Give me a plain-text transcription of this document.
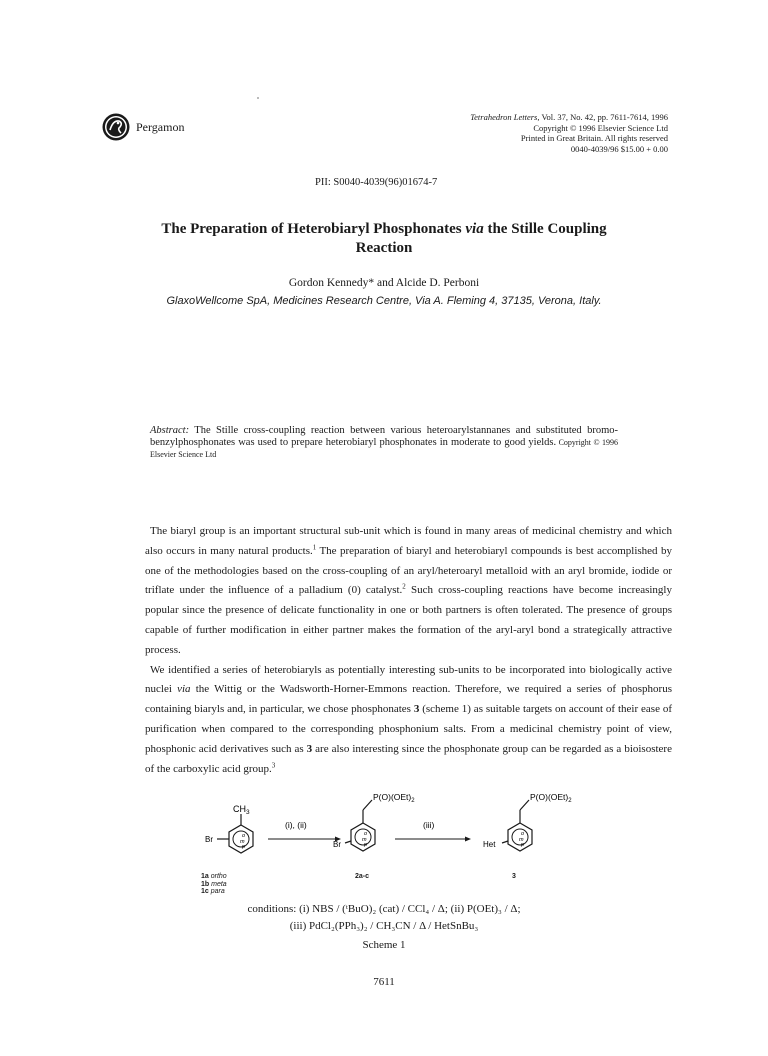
Pergamon
Tetrahedron Letters, Vol. 37, No. 42, pp. 7611-7614, 1996
Copyright © 1996 Elsevier Science Ltd
Printed in Great Britain. All rights reserved
0040-4039/96 $15.00 + 0.00
PII: S0040-4039(96)01674-7
The Preparation of Heterobiaryl Phosphonates via the Stille Coupling
Reaction
Gordon Kennedy* and Alcide D. Perboni
GlaxoWellcome SpA, Medicines Research Centre, Via A. Fleming 4, 37135, Verona, Italy.
Abstract: The Stille cross-coupling reaction between various heteroarylstannanes and substituted bromo-benzylphosphonates was used to prepare heterobiaryl phosphonates in moderate to good yields. Copyright © 1996 Elsevier Science Ltd

The biaryl group is an important structural sub-unit which is found in many areas of medicinal chemistry and which also occurs in many natural products.$^1$ The preparation of biaryl and heterobiaryl compounds is best accomplished by one of the methodologies based on the cross-coupling of an aryl/heteroaryl metalloid with an aryl bromide, iodide or triflate under the influence of a palladium (0) catalyst.$^2$ Such cross-coupling reactions have become increasingly popular since the presence of delicate functionality in one or both partners is often tolerated. The presence of groups capable of further modification in either partner makes the formation of the aryl-aryl bond a strategically attractive process.

We identified a series of heterobiaryls as potentially interesting sub-units to be incorporated into biologically active nuclei via the Wittig or the Wadsworth-Horner-Emmons reaction. Therefore, we required a series of phosphorus containing biaryls and, in particular, we chose phosphonates 3 (scheme 1) as suitable targets on account of their ease of purification when compared to the corresponding phosphonium salts. From a medicinal chemistry point of view, phosphonic acid derivatives such as 3 are also interesting since the phosphonate group can be regarded as a bioisostere of the carboxylic acid group.$^3$

$CH_3$
Br	o
m
p
(i), (ii)
$P(O)(OEt)_2$
Br
o
m
p
(iii)
$P(O)(OEt)_2$
Het
o
m
p
1a ortho
1b meta
1c para
2a-c	3
conditions: (i) NBS / (ᵗBuO)₂ (cat) / CCl₄ / Δ; (ii) P(OEt)₃ / Δ;
(iii) PdCl₂(PPh₃)₂ / CH₃CN / Δ / HetSnBu₃
Scheme 1
7611
